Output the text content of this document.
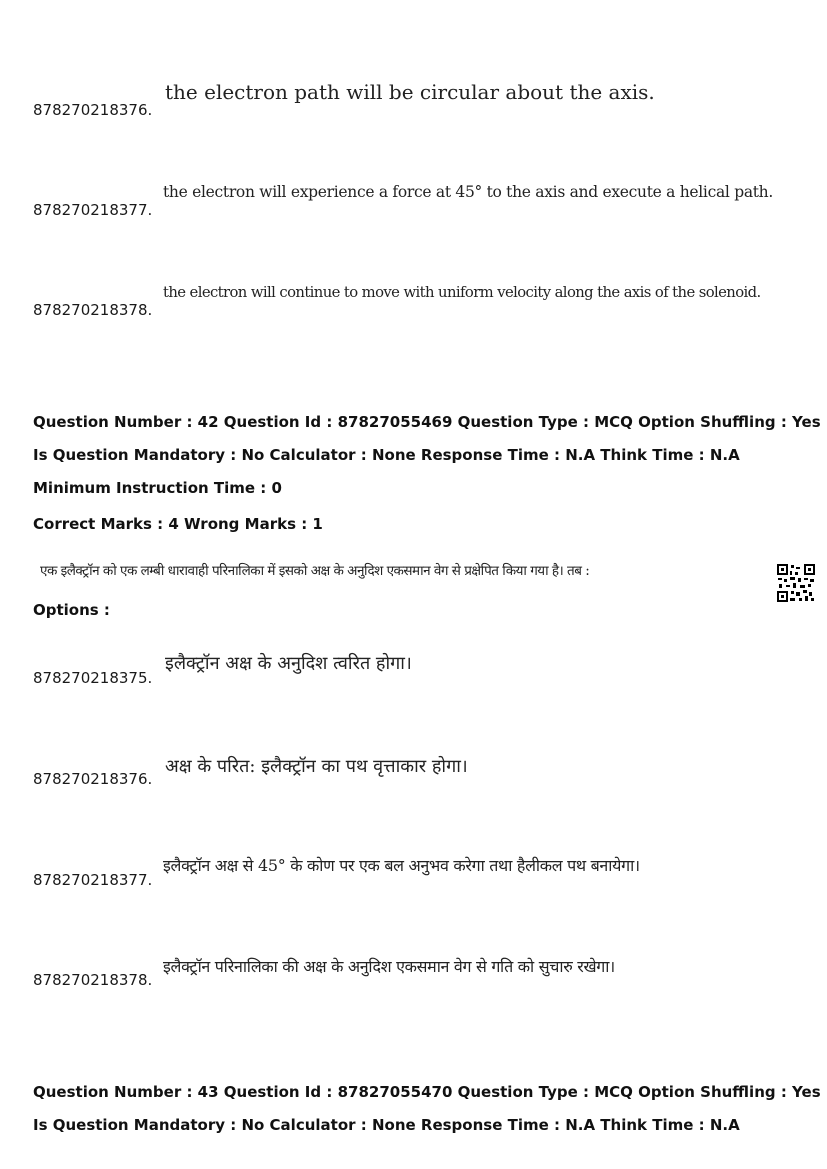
878270218376.
the electron path will be circular about the axis.
878270218377.
the electron will experience a force at 45° to the axis and execute a helical path.
878270218378.
the electron will continue to move with uniform velocity along the axis of the solenoid.
Question Number : 42 Question Id : 87827055469 Question Type : MCQ Option Shuffling : Yes
Is Question Mandatory : No Calculator : None Response Time : N.A Think Time : N.A
Minimum Instruction Time : 0
Correct Marks : 4 Wrong Marks : 1
एक इलैक्ट्रॉन को एक लम्बी धारावाही परिनालिका में इसको अक्ष के अनुदिश एकसमान वेग से प्रक्षेपित किया गया है। तब :
Options :
878270218375.
इलैक्ट्रॉन अक्ष के अनुदिश त्वरित होगा।
878270218376.
अक्ष के परित: इलैक्ट्रॉन का पथ वृत्ताकार होगा।
878270218377.
इलैक्ट्रॉन अक्ष से 45° के कोण पर एक बल अनुभव करेगा तथा हैलीकल पथ बनायेगा।
878270218378.
इलैक्ट्रॉन परिनालिका की अक्ष के अनुदिश एकसमान वेग से गति को सुचारु रखेगा।
Question Number : 43 Question Id : 87827055470 Question Type : MCQ Option Shuffling : Yes
Is Question Mandatory : No Calculator : None Response Time : N.A Think Time : N.A
